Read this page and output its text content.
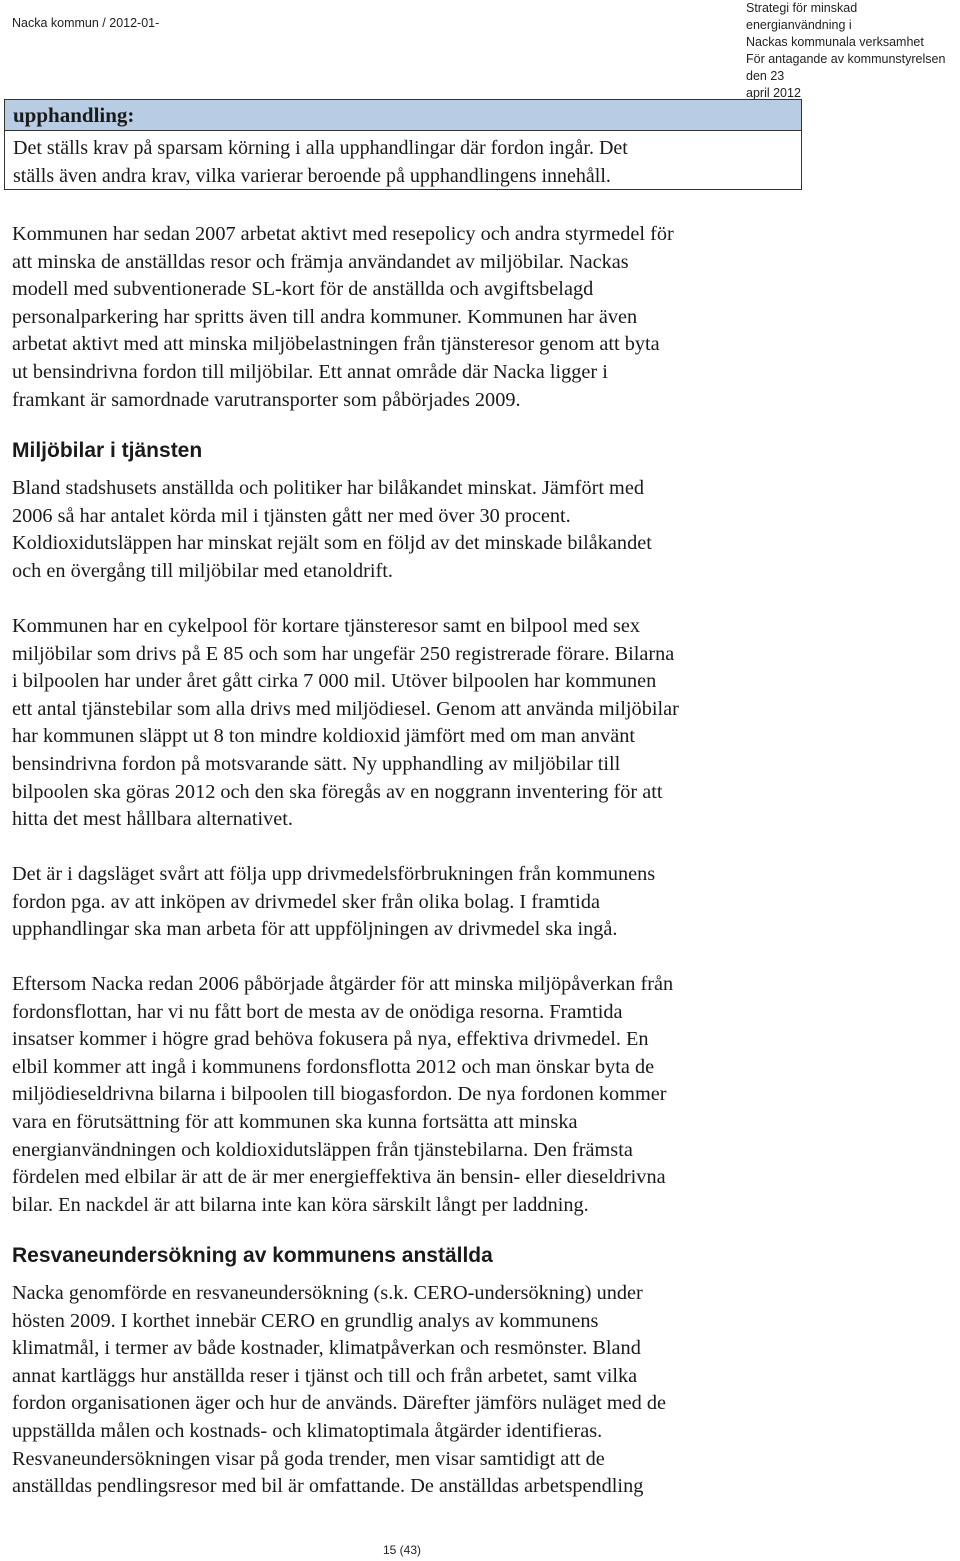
Nacka kommun / 2012-01-
Strategi för minskad energianvändning i
Nackas kommunala verksamhet
För antagande av kommunstyrelsen den 23
april 2012
upphandling:
Det ställs krav på sparsam körning i alla upphandlingar där fordon ingår. Det
ställs även andra krav, vilka varierar beroende på upphandlingens innehåll.
Kommunen har sedan 2007 arbetat aktivt med resepolicy och andra styrmedel för
att minska de anställdas resor och främja användandet av miljöbilar. Nackas
modell med subventionerade SL-kort för de anställda och avgiftsbelagd
personalparkering har spritts även till andra kommuner. Kommunen har även
arbetat aktivt med att minska miljöbelastningen från tjänsteresor genom att byta
ut bensindrivna fordon till miljöbilar. Ett annat område där Nacka ligger i
framkant är samordnade varutransporter som påbörjades 2009.
Miljöbilar i tjänsten
Bland stadshusets anställda och politiker har bilåkandet minskat. Jämfört med
2006 så har antalet körda mil i tjänsten gått ner med över 30 procent.
Koldioxidutsläppen har minskat rejält som en följd av det minskade bilåkandet
och en övergång till miljöbilar med etanoldrift.
Kommunen har en cykelpool för kortare tjänsteresor samt en bilpool med sex
miljöbilar som drivs på E 85 och som har ungefär 250 registrerade förare. Bilarna
i bilpoolen har under året gått cirka 7 000 mil. Utöver bilpoolen har kommunen
ett antal tjänstebilar som alla drivs med miljödiesel. Genom att använda miljöbilar
har kommunen släppt ut 8 ton mindre koldioxid jämfört med om man använt
bensindrivna fordon på motsvarande sätt. Ny upphandling av miljöbilar till
bilpoolen ska göras 2012 och den ska föregås av en noggrann inventering för att
hitta det mest hållbara alternativet.
Det är i dagsläget svårt att följa upp drivmedelsförbrukningen från kommunens
fordon pga. av att inköpen av drivmedel sker från olika bolag. I framtida
upphandlingar ska man arbeta för att uppföljningen av drivmedel ska ingå.
Eftersom Nacka redan 2006 påbörjade åtgärder för att minska miljöpåverkan från
fordonsflottan, har vi nu fått bort de mesta av de onödiga resorna. Framtida
insatser kommer i högre grad behöva fokusera på nya, effektiva drivmedel. En
elbil kommer att ingå i kommunens fordonsflotta 2012 och man önskar byta de
miljödieseldrivna bilarna i bilpoolen till biogasfordon. De nya fordonen kommer
vara en förutsättning för att kommunen ska kunna fortsätta att minska
energianvändningen och koldioxidutsläppen från tjänstebilarna. Den främsta
fördelen med elbilar är att de är mer energieffektiva än bensin- eller dieseldrivna
bilar. En nackdel är att bilarna inte kan köra särskilt långt per laddning.
Resvaneundersökning av kommunens anställda
Nacka genomförde en resvaneundersökning (s.k. CERO-undersökning) under
hösten 2009. I korthet innebär CERO en grundlig analys av kommunens
klimatmål, i termer av både kostnader, klimatpåverkan och resmönster. Bland
annat kartläggs hur anställda reser i tjänst och till och från arbetet, samt vilka
fordon organisationen äger och hur de används. Därefter jämförs nuläget med de
uppställda målen och kostnads- och klimatoptimala åtgärder identifieras.
Resvaneundersökningen visar på goda trender, men visar samtidigt att de
anställdas pendlingsresor med bil är omfattande. De anställdas arbetspendling
15 (43)
